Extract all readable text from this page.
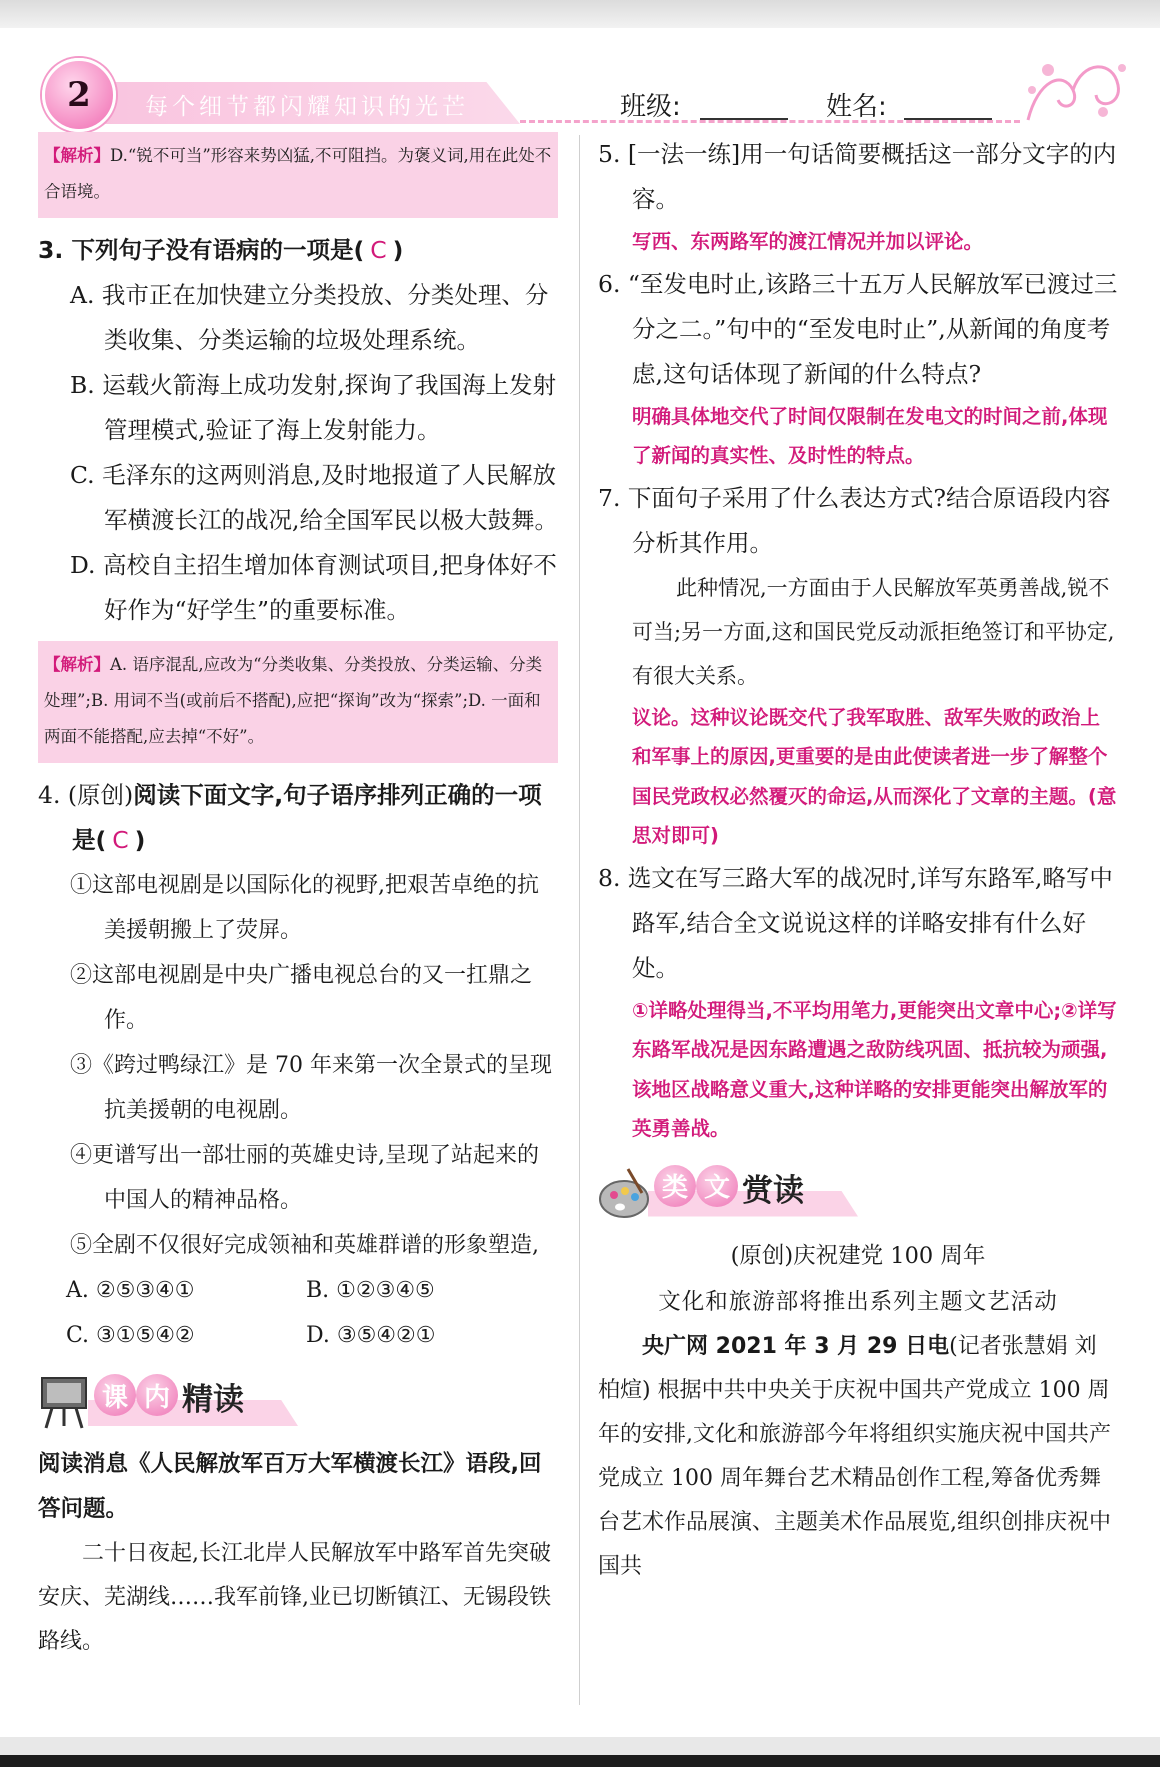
2	每个细节都闪耀知识的光芒	班级:	姓名:
【解析】D.“锐不可当”形容来势凶猛,不可阻挡。为褒义词,用在此处不合语境。
3. 下列句子没有语病的一项是( C )
A. 我市正在加快建立分类投放、分类处理、分类收集、分类运输的垃圾处理系统。
B. 运载火箭海上成功发射,探询了我国海上发射管理模式,验证了海上发射能力。
C. 毛泽东的这两则消息,及时地报道了人民解放军横渡长江的战况,给全国军民以极大鼓舞。
D. 高校自主招生增加体育测试项目,把身体好不好作为“好学生”的重要标准。
【解析】A. 语序混乱,应改为“分类收集、分类投放、分类运输、分类处理”;B. 用词不当(或前后不搭配),应把“探询”改为“探索”;D. 一面和两面不能搭配,应去掉“不好”。
4. (原创)阅读下面文字,句子语序排列正确的一项是( C )
①这部电视剧是以国际化的视野,把艰苦卓绝的抗美援朝搬上了荧屏。
②这部电视剧是中央广播电视总台的又一扛鼎之作。
③《跨过鸭绿江》是 70 年来第一次全景式的呈现抗美援朝的电视剧。
④更谱写出一部壮丽的英雄史诗,呈现了站起来的中国人的精神品格。
⑤全剧不仅很好完成领袖和英雄群谱的形象塑造,
A. ②⑤③④①	B. ①②③④⑤
C. ③①⑤④②	D. ③⑤④②①
课 内 精读
阅读消息《人民解放军百万大军横渡长江》语段,回答问题。
二十日夜起,长江北岸人民解放军中路军首先突破安庆、芜湖线……我军前锋,业已切断镇江、无锡段铁路线。
5. [一法一练]用一句话简要概括这一部分文字的内容。
写西、东两路军的渡江情况并加以评论。
6. “至发电时止,该路三十五万人民解放军已渡过三分之二。”句中的“至发电时止”,从新闻的角度考虑,这句话体现了新闻的什么特点?
明确具体地交代了时间仅限制在发电文的时间之前,体现了新闻的真实性、及时性的特点。
7. 下面句子采用了什么表达方式?结合原语段内容分析其作用。
此种情况,一方面由于人民解放军英勇善战,锐不可当;另一方面,这和国民党反动派拒绝签订和平协定,有很大关系。
议论。这种议论既交代了我军取胜、敌军失败的政治上和军事上的原因,更重要的是由此使读者进一步了解整个国民党政权必然覆灭的命运,从而深化了文章的主题。(意思对即可)
8. 选文在写三路大军的战况时,详写东路军,略写中路军,结合全文说说这样的详略安排有什么好处。
①详略处理得当,不平均用笔力,更能突出文章中心;②详写东路军战况是因东路遭遇之敌防线巩固、抵抗较为顽强,该地区战略意义重大,这种详略的安排更能突出解放军的英勇善战。
类 文 赏读
(原创)庆祝建党 100 周年
文化和旅游部将推出系列主题文艺活动
央广网 2021 年 3 月 29 日电(记者张慧娟 刘柏煊) 根据中共中央关于庆祝中国共产党成立 100 周年的安排,文化和旅游部今年将组织实施庆祝中国共产党成立 100 周年舞台艺术精品创作工程,筹备优秀舞台艺术作品展演、主题美术作品展览,组织创排庆祝中国共
